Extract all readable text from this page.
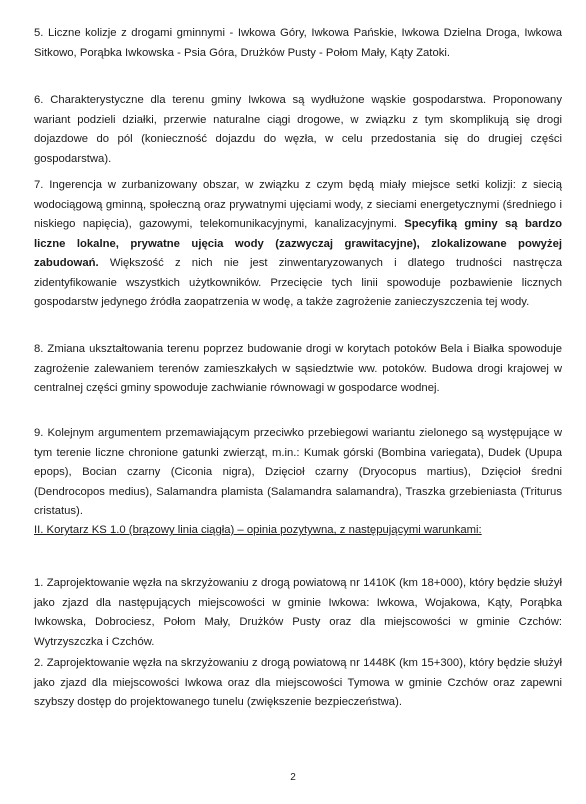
5. Liczne kolizje z drogami gminnymi - Iwkowa Góry, Iwkowa Pańskie, Iwkowa Dzielna Droga, Iwkowa Sitkowo, Porąbka Iwkowska - Psia Góra, Drużków Pusty - Połom Mały, Kąty Zatoki.

6. Charakterystyczne dla terenu gminy Iwkowa są wydłużone wąskie gospodarstwa. Proponowany wariant podzieli działki, przerwie naturalne ciągi drogowe, w związku z tym skomplikują się drogi dojazdowe do pól (konieczność dojazdu do węzła, w celu przedostania się do drugiej części gospodarstwa).

7. Ingerencja w zurbanizowany obszar, w związku z czym będą miały miejsce setki kolizji: z siecią wodociągową gminną, społeczną oraz prywatnymi ujęciami wody, z sieciami energetycznymi (średniego i niskiego napięcia), gazowymi, telekomunikacyjnymi, kanalizacyjnymi. Specyfiką gminy są bardzo liczne lokalne, prywatne ujęcia wody (zazwyczaj grawitacyjne), zlokalizowane powyżej zabudowań. Większość z nich nie jest zinwentaryzowanych i dlatego trudności nastręcza zidentyfikowanie wszystkich użytkowników. Przecięcie tych linii spowoduje pozbawienie licznych gospodarstw jedynego źródła zaopatrzenia w wodę, a także zagrożenie zanieczyszczenia tej wody.

8. Zmiana ukształtowania terenu poprzez budowanie drogi w korytach potoków Bela i Białka spowoduje zagrożenie zalewaniem terenów zamieszkałych w sąsiedztwie ww. potoków. Budowa drogi krajowej w centralnej części gminy spowoduje zachwianie równowagi w gospodarce wodnej.

9. Kolejnym argumentem przemawiającym przeciwko przebiegowi wariantu zielonego są występujące w tym terenie liczne chronione gatunki zwierząt, m.in.: Kumak górski (Bombina variegata), Dudek (Upupa epops), Bocian czarny (Ciconia nigra), Dzięcioł czarny (Dryocopus martius), Dzięcioł średni (Dendrocopos medius), Salamandra plamista (Salamandra salamandra), Traszka grzebieniasta (Triturus cristatus).

II. Korytarz KS 1.0 (brązowy linia ciągła) – opinia pozytywna, z następującymi warunkami:

1. Zaprojektowanie węzła na skrzyżowaniu z drogą powiatową nr 1410K (km 18+000), który będzie służył jako zjazd dla następujących miejscowości w gminie Iwkowa: Iwkowa, Wojakowa, Kąty, Porąbka Iwkowska, Dobrociesz, Połom Mały, Drużków Pusty oraz dla miejscowości w gminie Czchów: Wytrzyszczka i Czchów.

2. Zaprojektowanie węzła na skrzyżowaniu z drogą powiatową nr 1448K (km 15+300), który będzie służył jako zjazd dla miejscowości Iwkowa oraz dla miejscowości Tymowa w gminie Czchów oraz zapewni szybszy dostęp do projektowanego tunelu (zwiększenie bezpieczeństwa).

2
